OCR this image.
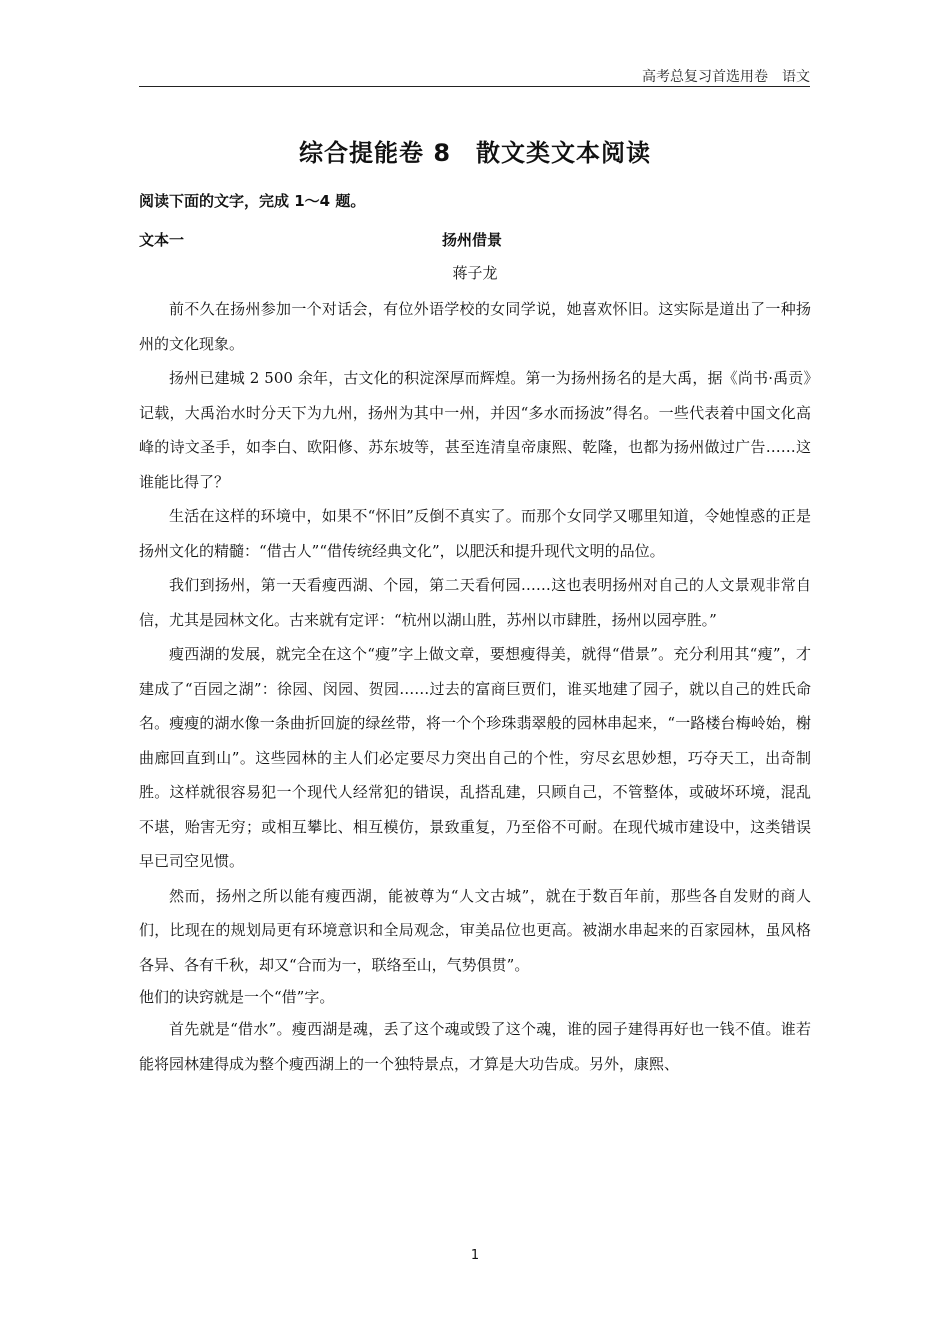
高考总复习首选用卷　语文
综合提能卷 8　散文类文本阅读
阅读下面的文字，完成 1～4 题。
文本一	扬州借景
蒋子龙

前不久在扬州参加一个对话会，有位外语学校的女同学说，她喜欢怀旧。这实际是道出了一种扬州的文化现象。

扬州已建城 2 500 余年，古文化的积淀深厚而辉煌。第一为扬州扬名的是大禹，据《尚书·禹贡》记载，大禹治水时分天下为九州，扬州为其中一州，并因“多水而扬波”得名。一些代表着中国文化高峰的诗文圣手，如李白、欧阳修、苏东坡等，甚至连清皇帝康熙、乾隆，也都为扬州做过广告……这谁能比得了？

生活在这样的环境中，如果不“怀旧”反倒不真实了。而那个女同学又哪里知道，令她惶惑的正是扬州文化的精髓：“借古人”“借传统经典文化”，以肥沃和提升现代文明的品位。

我们到扬州，第一天看瘦西湖、个园，第二天看何园……这也表明扬州对自己的人文景观非常自信，尤其是园林文化。古来就有定评：“杭州以湖山胜，苏州以市肆胜，扬州以园亭胜。”

瘦西湖的发展，就完全在这个“瘦”字上做文章，要想瘦得美，就得“借景”。充分利用其“瘦”，才建成了“百园之湖”：徐园、闵园、贺园……过去的富商巨贾们，谁买地建了园子，就以自己的姓氏命名。瘦瘦的湖水像一条曲折回旋的绿丝带，将一个个珍珠翡翠般的园林串起来，“一路楼台梅岭始，榭曲廊回直到山”。这些园林的主人们必定要尽力突出自己的个性，穷尽玄思妙想，巧夺天工，出奇制胜。这样就很容易犯一个现代人经常犯的错误，乱搭乱建，只顾自己，不管整体，或破坏环境，混乱不堪，贻害无穷；或相互攀比、相互模仿，景致重复，乃至俗不可耐。在现代城市建设中，这类错误早已司空见惯。

然而，扬州之所以能有瘦西湖，能被尊为“人文古城”，就在于数百年前，那些各自发财的商人们，比现在的规划局更有环境意识和全局观念，审美品位也更高。被湖水串起来的百家园林，虽风格各异、各有千秋，却又“合而为一，联络至山，气势俱贯”。

他们的诀窍就是一个“借”字。

首先就是“借水”。瘦西湖是魂，丢了这个魂或毁了这个魂，谁的园子建得再好也一钱不值。谁若能将园林建得成为整个瘦西湖上的一个独特景点，才算是大功告成。另外，康熙、

1
